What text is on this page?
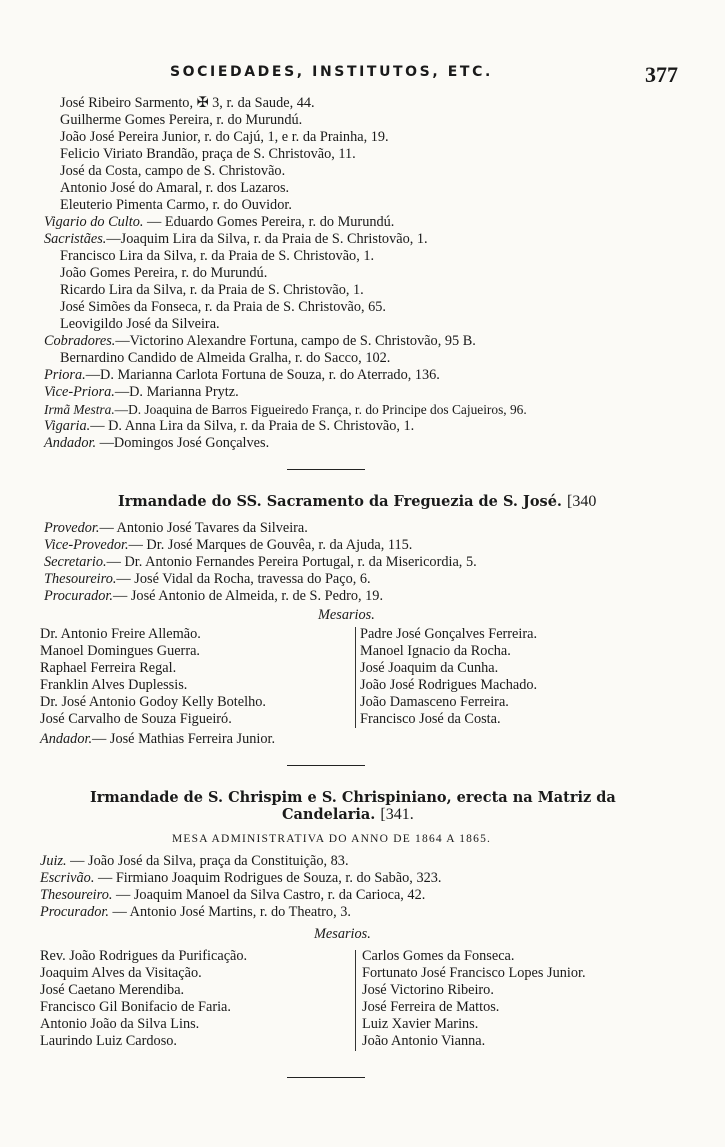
SOCIEDADES, INSTITUTOS, ETC.	377
José Ribeiro Sarmento, ✠ 3, r. da Saude, 44.
Guilherme Gomes Pereira, r. do Murundú.
João José Pereira Junior, r. do Cajú, 1, e r. da Prainha, 19.
Felicio Viriato Brandão, praça de S. Christovão, 11.
José da Costa, campo de S. Christovão.
Antonio José do Amaral, r. dos Lazaros.
Eleuterio Pimenta Carmo, r. do Ouvidor.
Vigario do Culto. — Eduardo Gomes Pereira, r. do Murundú.
Sacristães.—Joaquim Lira da Silva, r. da Praia de S. Christovão, 1.
Francisco Lira da Silva, r. da Praia de S. Christovão, 1.
João Gomes Pereira, r. do Murundú.
Ricardo Lira da Silva, r. da Praia de S. Christovão, 1.
José Simões da Fonseca, r. da Praia de S. Christovão, 65.
Leovigildo José da Silveira.
Cobradores.—Victorino Alexandre Fortuna, campo de S. Christovão, 95 B.
Bernardino Candido de Almeida Gralha, r. do Sacco, 102.
Priora.—D. Marianna Carlota Fortuna de Souza, r. do Aterrado, 136.
Vice-Priora.—D. Marianna Prytz.
Irmã Mestra.—D. Joaquina de Barros Figueiredo França, r. do Principe dos Cajueiros, 96.
Vigaria.— D. Anna Lira da Silva, r. da Praia de S. Christovão, 1.
Andador. —Domingos José Gonçalves.
Irmandade do SS. Sacramento da Freguezia de S. José. [340
Provedor.— Antonio José Tavares da Silveira.
Vice-Provedor.— Dr. José Marques de Gouvêa, r. da Ajuda, 115.
Secretario.— Dr. Antonio Fernandes Pereira Portugal, r. da Misericordia, 5.
Thesoureiro.— José Vidal da Rocha, travessa do Paço, 6.
Procurador.— José Antonio de Almeida, r. de S. Pedro, 19.
Mesarios.
Dr. Antonio Freire Allemão.
Manoel Domingues Guerra.
Raphael Ferreira Regal.
Franklin Alves Duplessis.
Dr. José Antonio Godoy Kelly Botelho.
José Carvalho de Souza Figueiró.
Padre José Gonçalves Ferreira.
Manoel Ignacio da Rocha.
José Joaquim da Cunha.
João José Rodrigues Machado.
João Damasceno Ferreira.
Francisco José da Costa.
Andador.— José Mathias Ferreira Junior.
Irmandade de S. Chrispim e S. Chrispiniano, erecta na Matriz da
Candelaria. [341.
MESA ADMINISTRATIVA DO ANNO DE 1864 A 1865.
Juiz. — João José da Silva, praça da Constituição, 83.
Escrivão. — Firmiano Joaquim Rodrigues de Souza, r. do Sabão, 323.
Thesoureiro. — Joaquim Manoel da Silva Castro, r. da Carioca, 42.
Procurador. — Antonio José Martins, r. do Theatro, 3.
Mesarios.
Rev. João Rodrigues da Purificação.
Joaquim Alves da Visitação.
José Caetano Merendiba.
Francisco Gil Bonifacio de Faria.
Antonio João da Silva Lins.
Laurindo Luiz Cardoso.
Carlos Gomes da Fonseca.
Fortunato José Francisco Lopes Junior.
José Victorino Ribeiro.
José Ferreira de Mattos.
Luiz Xavier Marins.
João Antonio Vianna.
